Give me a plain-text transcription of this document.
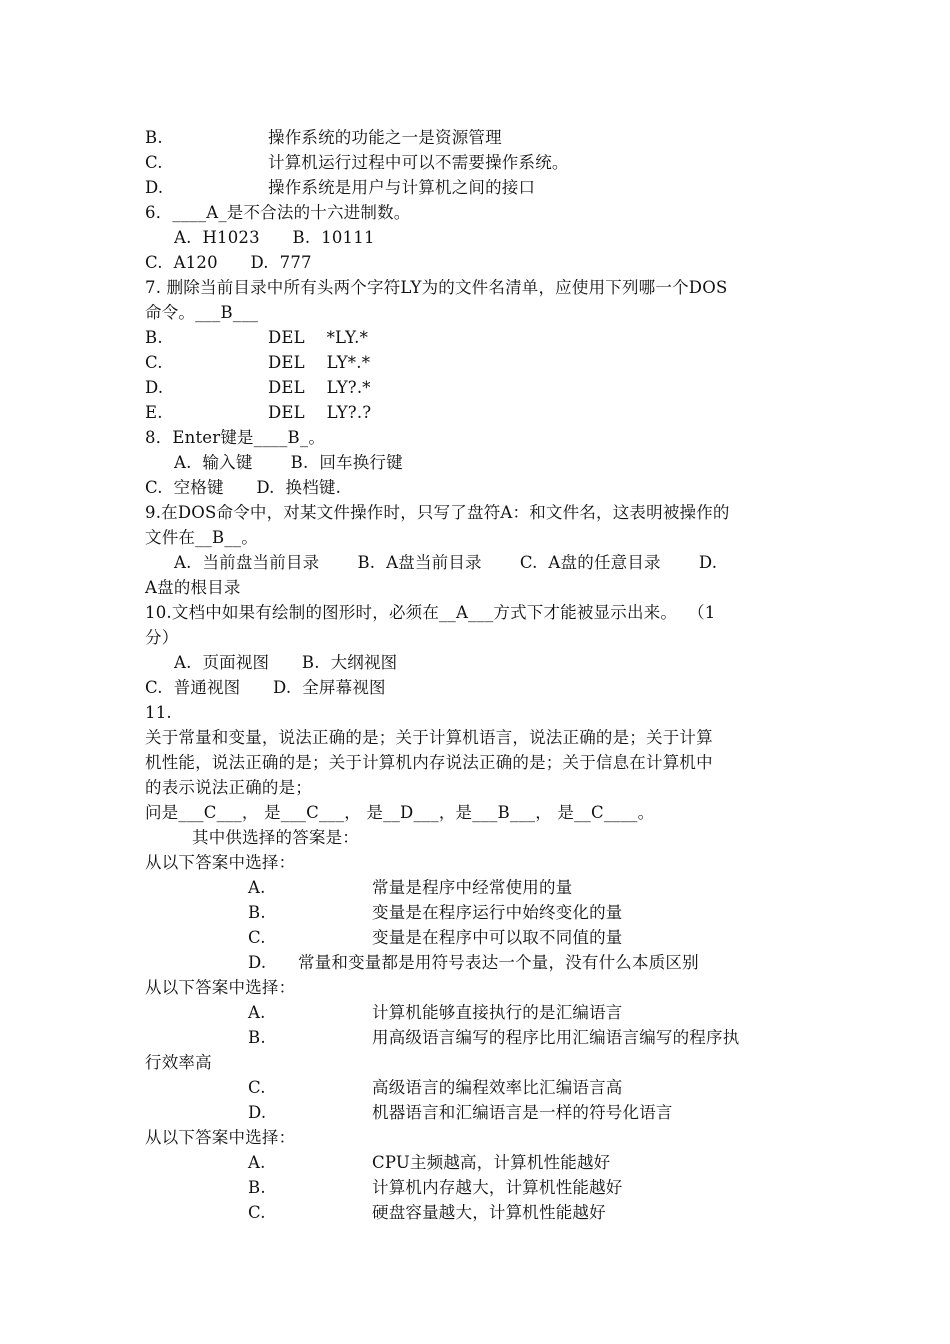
B.

	操作系统的功能之一是资源管理

C.

	计算机运行过程中可以不需要操作系统。

D.

	操作系统是用户与计算机之间的接口

6．____A_是不合法的十六进制数。
A.  H1023      B.  10111
C.  A120      D.  777
7. 删除当前目录中所有头两个字符LY为的文件名清单，应使用下列哪一个DOS
命令。___B___

B.

	DEL    *LY.*

C.

	DEL    LY*.*

D.

	DEL    LY?.*

E.

	DEL    LY?.?

8．Enter键是____B_。
A.  输入键       B.  回车换行键
C.  空格键      D.  换档键.
9.在DOS命令中，对某文件操作时，只写了盘符A：和文件名，这表明被操作的
文件在__B__。
A.  当前盘当前目录       B.  A盘当前目录       C.  A盘的任意目录       D.
A盘的根目录
10.文档中如果有绘制的图形时，必须在__A___方式下才能被显示出来。  （1
分）
A.  页面视图      B.  大纲视图
C.  普通视图      D.  全屏幕视图
11.
关于常量和变量，说法正确的是；关于计算机语言，说法正确的是；关于计算
机性能，说法正确的是；关于计算机内存说法正确的是；关于信息在计算机中
的表示说法正确的是；
问是___C___， 是___C___， 是__D___，是___B___， 是__C____。
其中供选择的答案是：
从以下答案中选择：

A.

	常量是程序中经常使用的量

B.

	变量是在程序运行中始终变化的量

C.

	变量是在程序中可以取不同值的量

D.

常量和变量都是用符号表达一个量，没有什么本质区别

从以下答案中选择：

A.

	计算机能够直接执行的是汇编语言

B.

	用高级语言编写的程序比用汇编语言编写的程序执

行效率高

C.

	高级语言的编程效率比汇编语言高

D.

	机器语言和汇编语言是一样的符号化语言

从以下答案中选择：

A.

	CPU主频越高，计算机性能越好

B.

	计算机内存越大，计算机性能越好

C.

	硬盘容量越大，计算机性能越好
